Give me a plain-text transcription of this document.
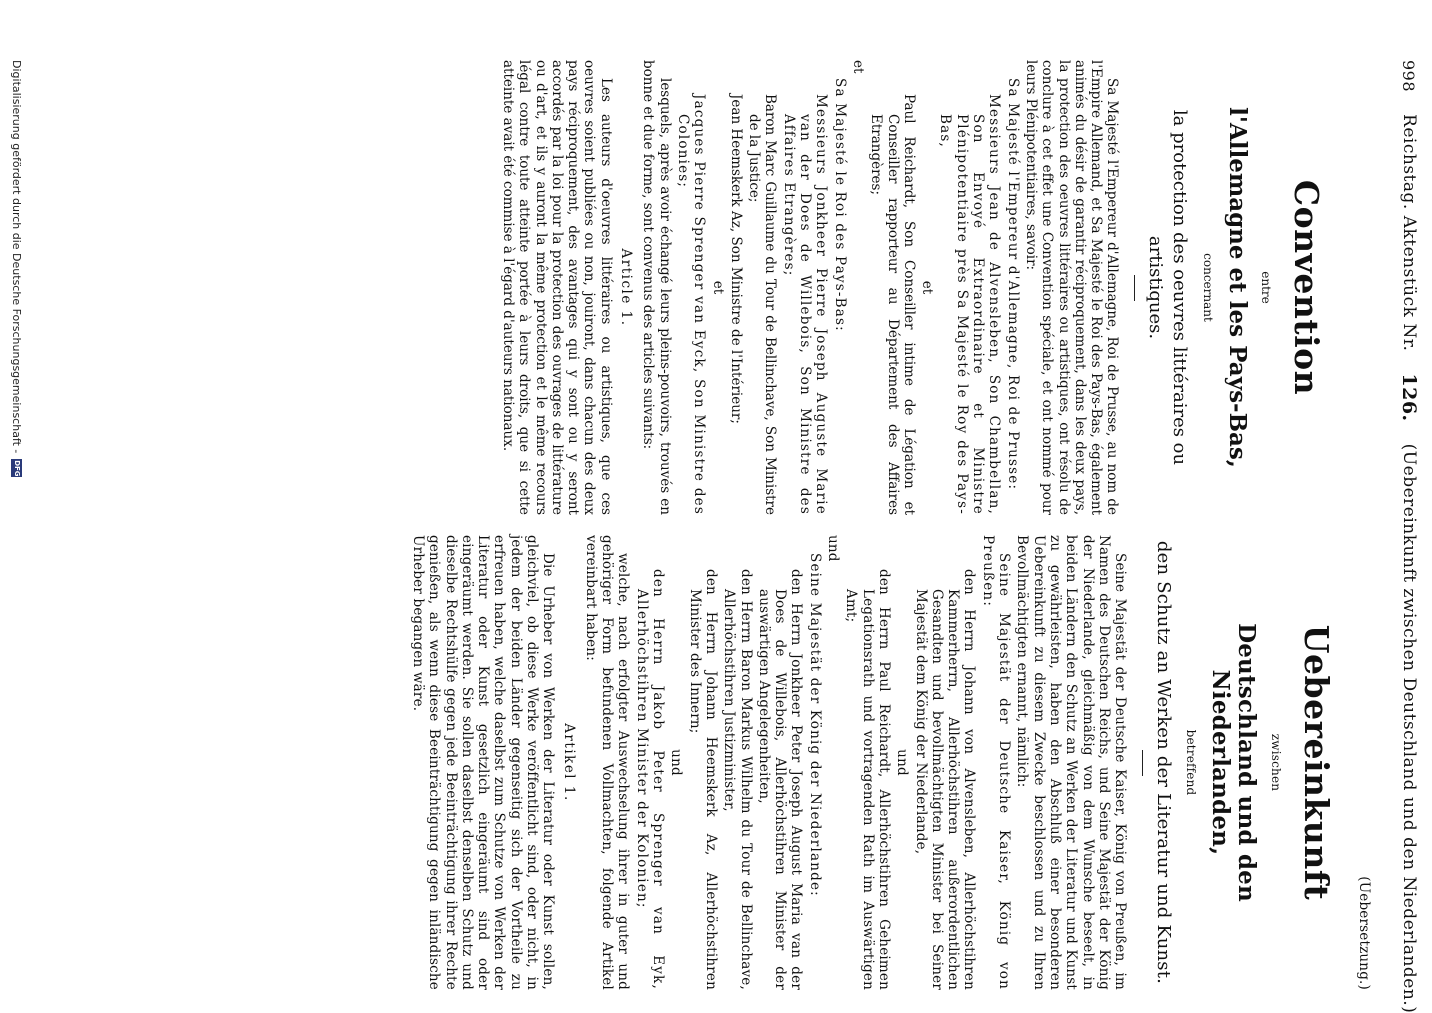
998
Reichstag. Aktenstück Nr.
126.
(Uebereinkunft zwischen Deutschland und den Niederlanden.)
Convention
entre
l'Allemagne et les Pays-Bas,
concernant
la protection des oeuvres littéraires ou artistiques.

Sa Majesté l'Empereur d'Allemagne, Roi de Prusse, au nom de l'Empire Allemand, et Sa Majesté le Roi des Pays-Bas, également animés du désir de garantir réciproquement, dans les deux pays, la protection des oeuvres littéraires ou artistiques, ont résolu de conclure à cet effet une Convention spéciale, et ont nommé pour leurs Plénipotentiaires, savoir:

Sa Majesté l'Empereur d'Allemagne, Roi de Prusse:

Messieurs Jean de Alvensleben, Son Chambellan, Son Envoyé Extraordinaire et Ministre Plénipotentiaire près Sa Majesté le Roy des Pays-Bas,

et

Paul Reichardt, Son Conseiller intime de Légation et Conseiller rapporteur au Département des Affaires Etrangères;

et

Sa Majesté le Roi des Pays-Bas:

Messieurs Jonkheer Pierre Joseph Auguste Marie van der Does de Willebois, Son Ministre des Affaires Etrangères;

Baron Marc Guillaume du Tour de Bellinchave, Son Ministre de la Justice;

Jean Heemskerk Az, Son Ministre de l'Intérieur;

et

Jacques Pierre Sprenger van Eyck, Son Ministre des Colonies;

lesquels, après avoir échangé leurs pleins-pouvoirs, trouvés en bonne et due forme, sont convenus des articles suivants:

Article 1.

Les auteurs d'oeuvres littéraires ou artistiques, que ces oeuvres soient publiées ou non, jouiront, dans chacun des deux pays réciproquement, des avantages qui y sont ou y seront accordés par la loi pour la protection des ouvrages de littérature ou d'art, et ils y auront la même protection et le même recours légal contre toute atteinte portée à leurs droits, que si cette atteinte avait été commise à l'égard d'auteurs nationaux.

(Uebersetzung.)
Uebereinkunft
zwischen
Deutschland und den Niederlanden,
betreffend
den Schutz an Werken der Literatur und Kunst.

Seine Majestät der Deutsche Kaiser, König von Preußen, im Namen des Deutschen Reichs, und Seine Majestät der König der Niederlande, gleichmäßig von dem Wunsche beseelt, in beiden Ländern den Schutz an Werken der Literatur und Kunst zu gewährleisten, haben den Abschluß einer besonderen Uebereinkunft zu diesem Zwecke beschlossen und zu Ihren Bevollmächtigten ernannt, nämlich:

Seine Majestät der Deutsche Kaiser, König von Preußen:

den Herrn Johann von Alvensleben, Allerhöchstihren Kammerherrn, Allerhöchstihren außerordentlichen Gesandten und bevollmächtigten Minister bei Seiner Majestät dem König der Niederlande,

und

den Herrn Paul Reichardt, Allerhöchstihren Geheimen Legationsrath und vortragenden Rath im Auswärtigen Amt;

und

Seine Majestät der König der Niederlande:

den Herrn Jonkheer Peter Joseph August Maria van der Does de Willebois, Allerhöchstihren Minister der auswärtigen Angelegenheiten,

den Herrn Baron Markus Wilhelm du Tour de Bellinchave, Allerhöchstihren Justizminister,

den Herrn Johann Heemskerk Az, Allerhöchstihren Minister des Innern;

und

den Herrn Jakob Peter Sprenger van Eyk, Allerhöchstihren Minister der Kolonien;

welche, nach erfolgter Auswechselung ihrer in guter und gehöriger Form befundenen Vollmachten, folgende Artikel vereinbart haben:

Artikel 1.

Die Urheber von Werken der Literatur oder Kunst sollen, gleichviel, ob diese Werke veröffentlicht sind, oder nicht, in jedem der beiden Länder gegenseitig sich der Vortheile zu erfreuen haben, welche daselbst zum Schutze von Werken der Literatur oder Kunst gesetzlich eingeräumt sind oder eingeräumt werden. Sie sollen daselbst denselben Schutz und dieselbe Rechtshülfe gegen jede Beeinträchtigung ihrer Rechte genießen, als wenn diese Beeinträchtigung gegen inländische Urheber begangen wäre.

Digitalisierung gefördert durch die Deutsche Forschungsgemeinschaft -
DFG
